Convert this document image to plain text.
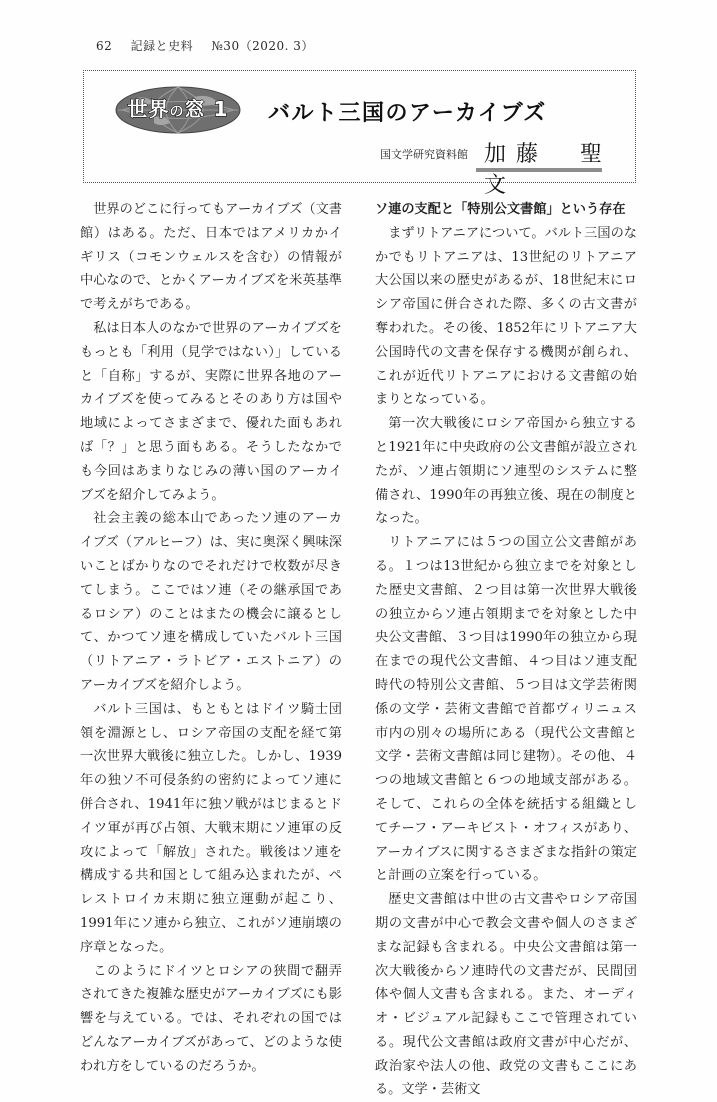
62 記録と史料 №30（2020. 3）
世界の窓 1	バルト三国のアーカイブズ
国文学研究資料館 加藤　聖文

世界のどこに行ってもアーカイブズ（文書館）はある。ただ、日本ではアメリカかイギリス（コモンウェルスを含む）の情報が中心なので、とかくアーカイブズを米英基準で考えがちである。

私は日本人のなかで世界のアーカイブズをもっとも「利用（見学ではない）」していると「自称」するが、実際に世界各地のアーカイブズを使ってみるとそのあり方は国や地域によってさまざまで、優れた面もあれば「？」と思う面もある。そうしたなかでも今回はあまりなじみの薄い国のアーカイブズを紹介してみよう。

社会主義の総本山であったソ連のアーカイブズ（アルヒーフ）は、実に奥深く興味深いことばかりなのでそれだけで枚数が尽きてしまう。ここではソ連（その継承国であるロシア）のことはまたの機会に譲るとして、かつてソ連を構成していたバルト三国（リトアニア・ラトビア・エストニア）のアーカイブズを紹介しよう。

バルト三国は、もともとはドイツ騎士団領を淵源とし、ロシア帝国の支配を経て第一次世界大戦後に独立した。しかし、1939年の独ソ不可侵条約の密約によってソ連に併合され、1941年に独ソ戦がはじまるとドイツ軍が再び占領、大戦末期にソ連軍の反攻によって「解放」された。戦後はソ連を構成する共和国として組み込まれたが、ペレストロイカ末期に独立運動が起こり、1991年にソ連から独立、これがソ連崩壊の序章となった。

このようにドイツとロシアの狭間で翻弄されてきた複雑な歴史がアーカイブズにも影響を与えている。では、それぞれの国ではどんなアーカイブズがあって、どのような使われ方をしているのだろうか。

ソ連の支配と「特別公文書館」という存在

まずリトアニアについて。バルト三国のなかでもリトアニアは、13世紀のリトアニア大公国以来の歴史があるが、18世紀末にロシア帝国に併合された際、多くの古文書が奪われた。その後、1852年にリトアニア大公国時代の文書を保存する機関が創られ、これが近代リトアニアにおける文書館の始まりとなっている。

第一次大戦後にロシア帝国から独立すると1921年に中央政府の公文書館が設立されたが、ソ連占領期にソ連型のシステムに整備され、1990年の再独立後、現在の制度となった。

リトアニアには５つの国立公文書館がある。１つは13世紀から独立までを対象とした歴史文書館、２つ目は第一次世界大戦後の独立からソ連占領期までを対象とした中央公文書館、３つ目は1990年の独立から現在までの現代公文書館、４つ目はソ連支配時代の特別公文書館、５つ目は文学芸術関係の文学・芸術文書館で首都ヴィリニュス市内の別々の場所にある（現代公文書館と文学・芸術文書館は同じ建物）。その他、４つの地域文書館と６つの地域支部がある。そして、これらの全体を統括する組織としてチーフ・アーキビスト・オフィスがあり、アーカイブスに関するさまざまな指針の策定と計画の立案を行っている。

歴史文書館は中世の古文書やロシア帝国期の文書が中心で教会文書や個人のさまざまな記録も含まれる。中央公文書館は第一次大戦後からソ連時代の文書だが、民間団体や個人文書も含まれる。また、オーディオ・ビジュアル記録もここで管理されている。現代公文書館は政府文書が中心だが、政治家や法人の他、政党の文書もここにある。文学・芸術文
